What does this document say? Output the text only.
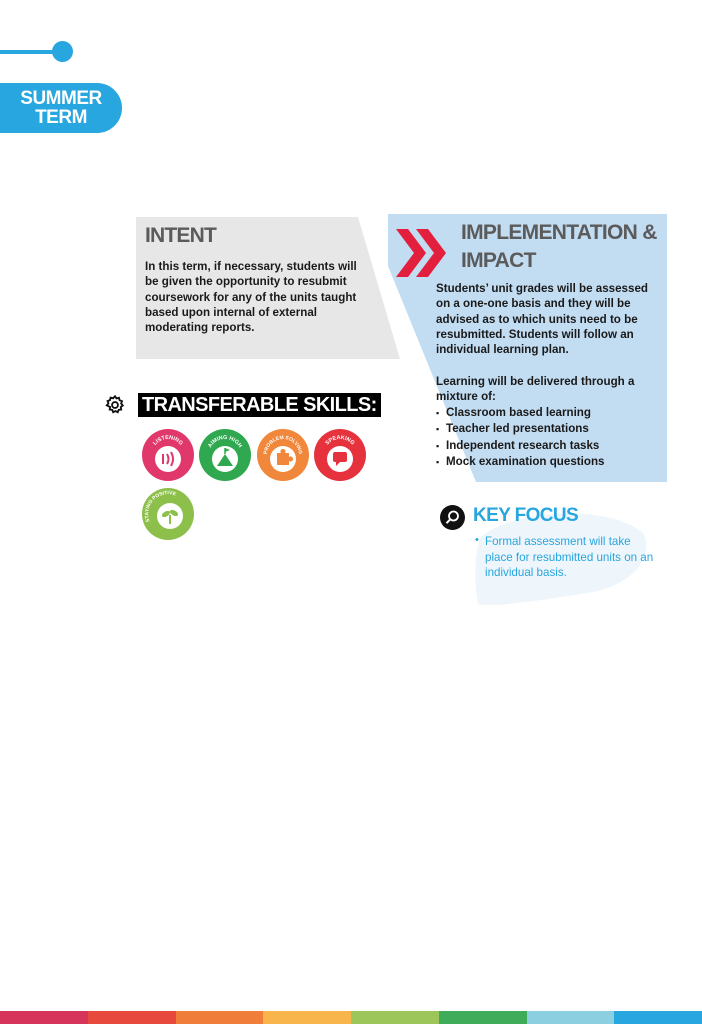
SUMMER
TERM
INTENT
In this term, if necessary, students will be given the opportunity to resubmit coursework for any of the units taught based upon internal of external moderating reports.
IMPLEMENTATION & IMPACT
Students’ unit grades will be assessed on a one-one basis and they will be advised as to which units need to be resubmitted. Students will follow an individual learning plan.
Learning will be delivered through a mixture of:
▪ Classroom based learning
▪ Teacher led presentations
▪ Independent research tasks
▪ Mock examination questions
TRANSFERABLE SKILLS:
LISTENING	AIMING HIGH
PROBLEM SOLVING
SPEAKING
STAYING POSITIVE
KEY FOCUS
• Formal assessment will take place for resubmitted units on an individual basis.
